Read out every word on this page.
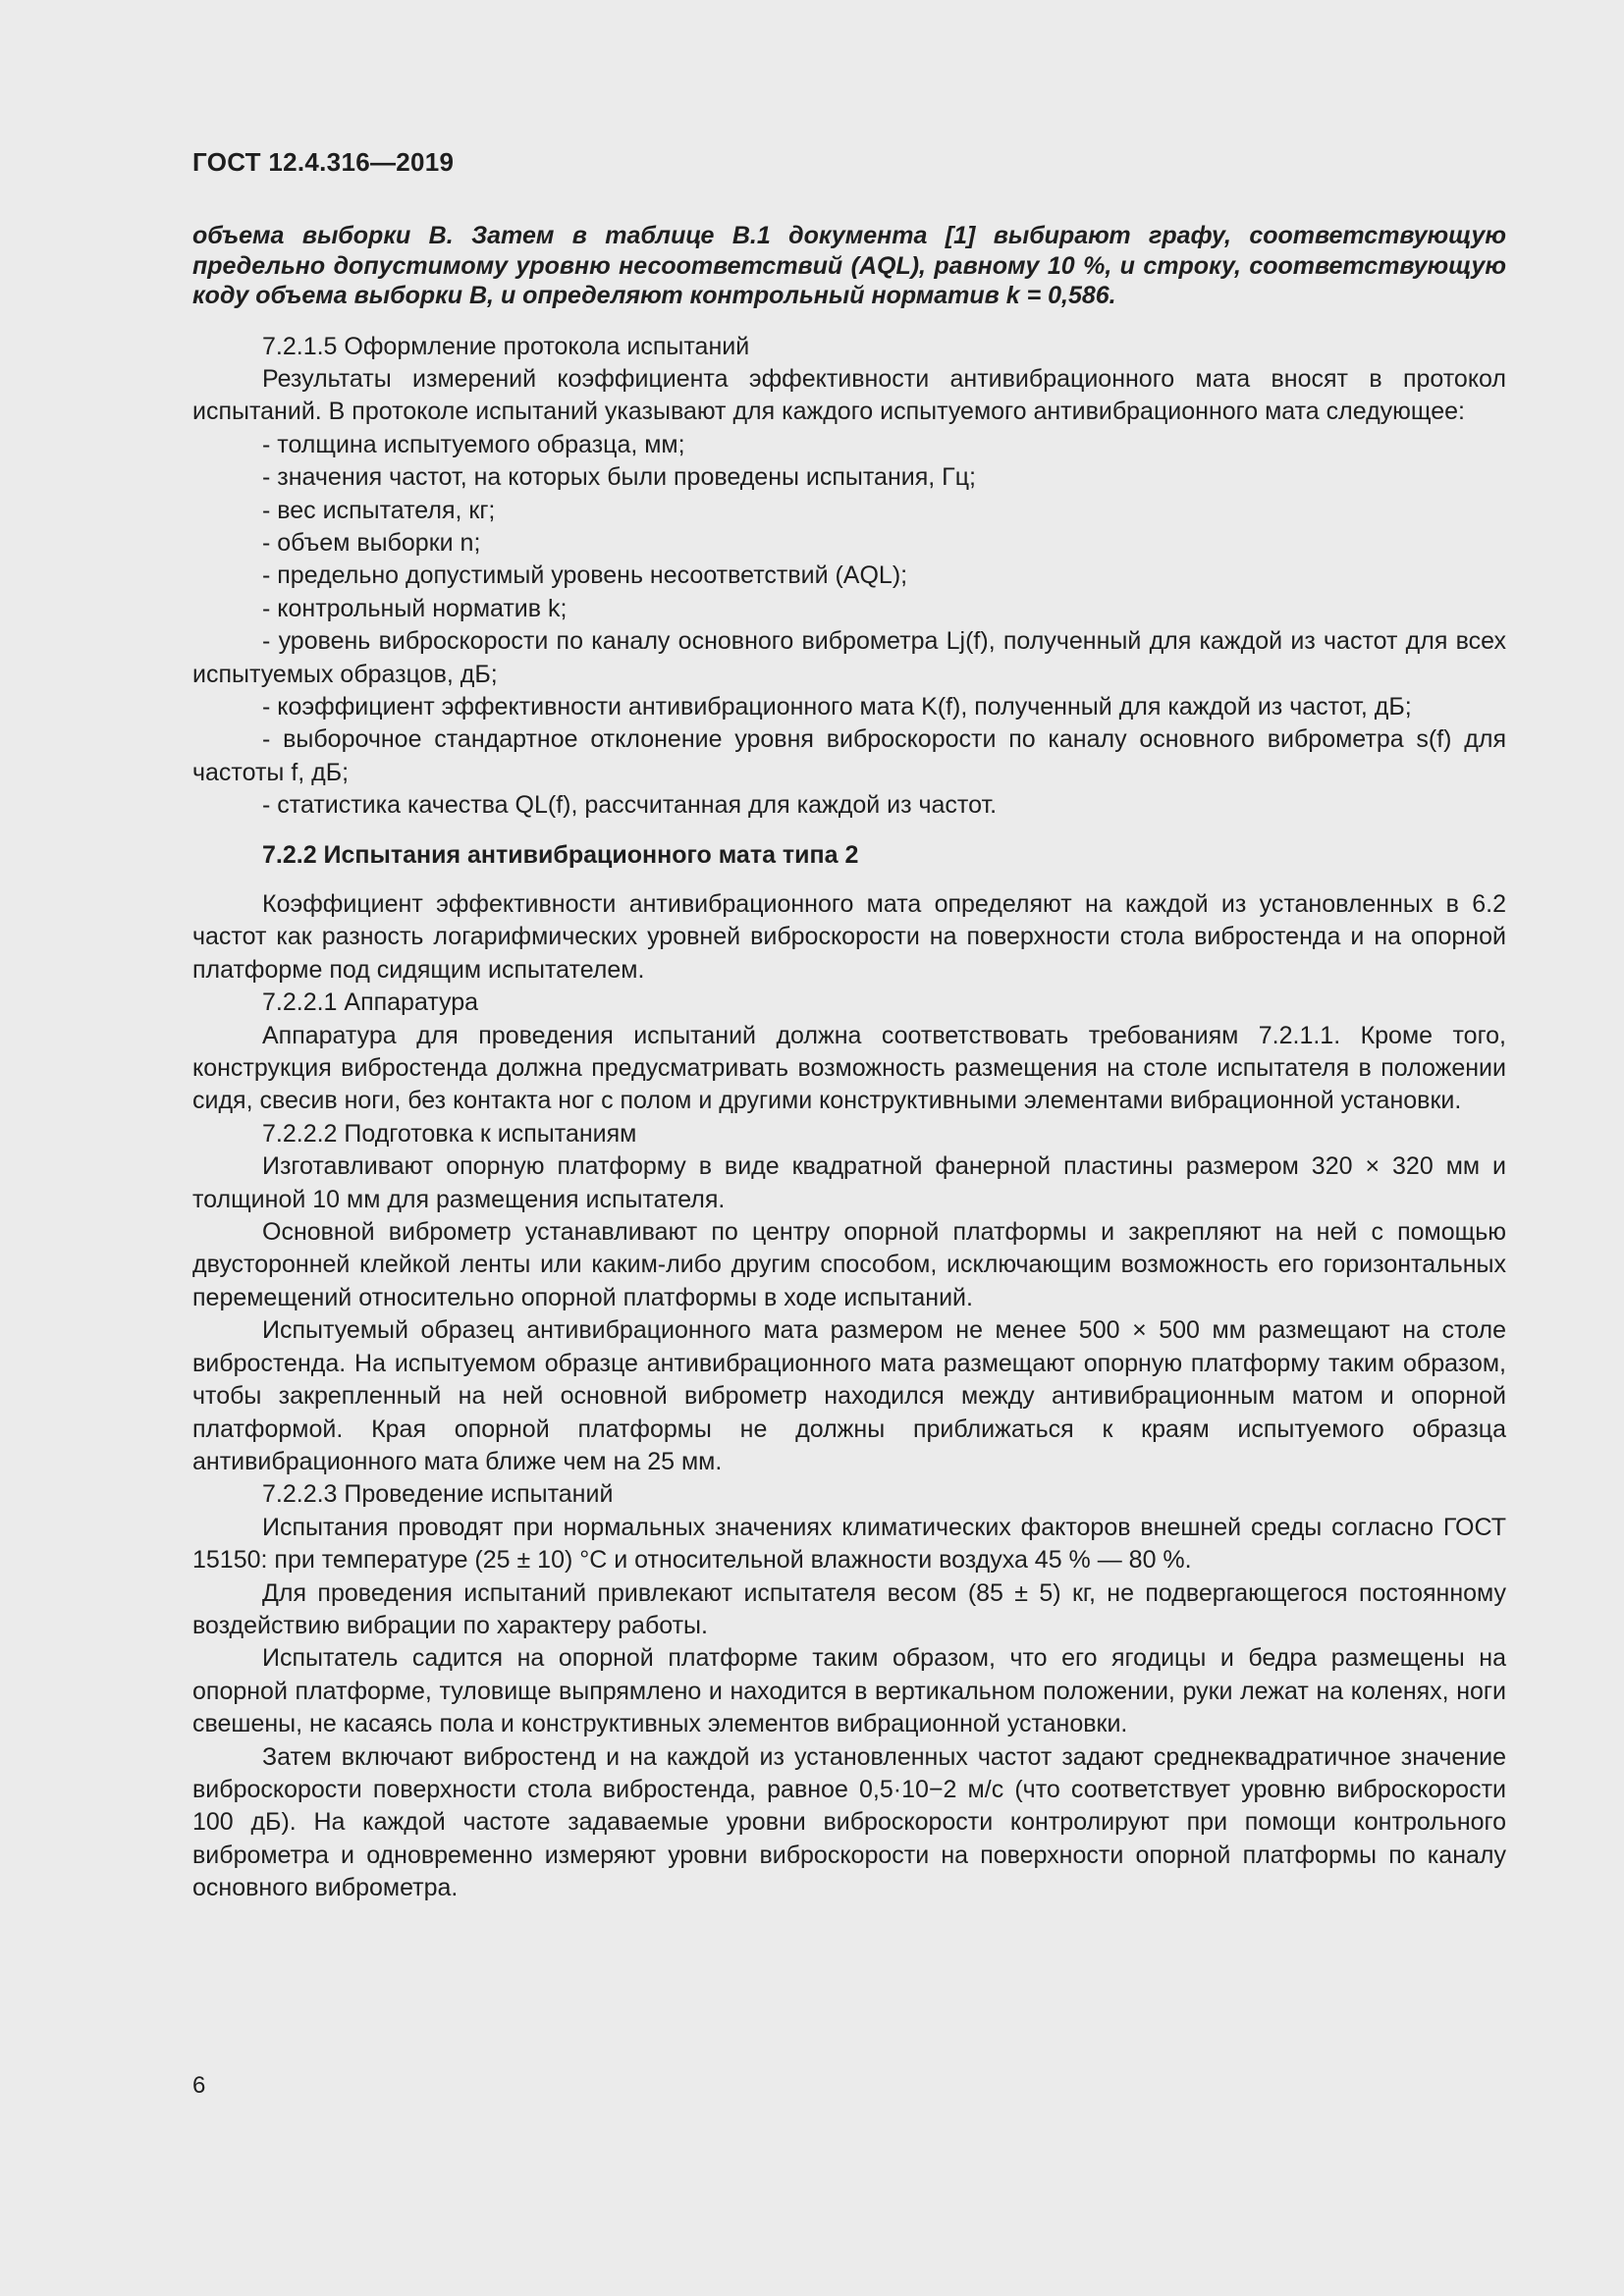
ГОСТ 12.4.316—2019

объема выборки B. Затем в таблице В.1 документа [1] выбирают графу, соответствующую предельно допустимому уровню несоответствий (AQL), равному 10 %, и строку, соответствующую коду объема выборки В, и определяют контрольный норматив k = 0,586.

7.2.1.5 Оформление протокола испытаний

Результаты измерений коэффициента эффективности антивибрационного мата вносят в протокол испытаний. В протоколе испытаний указывают для каждого испытуемого антивибрационного мата следующее:

- толщина испытуемого образца, мм;

- значения частот, на которых были проведены испытания, Гц;

- вес испытателя, кг;

- объем выборки n;

- предельно допустимый уровень несоответствий (AQL);

- контрольный норматив k;

- уровень виброскорости по каналу основного виброметра Lj(f), полученный для каждой из частот для всех испытуемых образцов, дБ;

- коэффициент эффективности антивибрационного мата K(f), полученный для каждой из частот, дБ;

- выборочное стандартное отклонение уровня виброскорости по каналу основного виброметра s(f) для частоты f, дБ;

- статистика качества QL(f), рассчитанная для каждой из частот.

7.2.2 Испытания антивибрационного мата типа 2

Коэффициент эффективности антивибрационного мата определяют на каждой из установленных в 6.2 частот как разность логарифмических уровней виброскорости на поверхности стола вибростенда и на опорной платформе под сидящим испытателем.

7.2.2.1 Аппаратура

Аппаратура для проведения испытаний должна соответствовать требованиям 7.2.1.1. Кроме того, конструкция вибростенда должна предусматривать возможность размещения на столе испытателя в положении сидя, свесив ноги, без контакта ног с полом и другими конструктивными элементами вибрационной установки.

7.2.2.2 Подготовка к испытаниям

Изготавливают опорную платформу в виде квадратной фанерной пластины размером 320 × 320 мм и толщиной 10 мм для размещения испытателя.

Основной виброметр устанавливают по центру опорной платформы и закрепляют на ней с помощью двусторонней клейкой ленты или каким-либо другим способом, исключающим возможность его горизонтальных перемещений относительно опорной платформы в ходе испытаний.

Испытуемый образец антивибрационного мата размером не менее 500 × 500 мм размещают на столе вибростенда. На испытуемом образце антивибрационного мата размещают опорную платформу таким образом, чтобы закрепленный на ней основной виброметр находился между антивибрационным матом и опорной платформой. Края опорной платформы не должны приближаться к краям испытуемого образца антивибрационного мата ближе чем на 25 мм.

7.2.2.3 Проведение испытаний

Испытания проводят при нормальных значениях климатических факторов внешней среды согласно ГОСТ 15150: при температуре (25 ± 10) °С и относительной влажности воздуха 45 % — 80 %.

Для проведения испытаний привлекают испытателя весом (85 ± 5) кг, не подвергающегося постоянному воздействию вибрации по характеру работы.

Испытатель садится на опорной платформе таким образом, что его ягодицы и бедра размещены на опорной платформе, туловище выпрямлено и находится в вертикальном положении, руки лежат на коленях, ноги свешены, не касаясь пола и конструктивных элементов вибрационной установки.

Затем включают вибростенд и на каждой из установленных частот задают среднеквадратичное значение виброскорости поверхности стола вибростенда, равное 0,5·10−2 м/с (что соответствует уровню виброскорости 100 дБ). На каждой частоте задаваемые уровни виброскорости контролируют при помощи контрольного виброметра и одновременно измеряют уровни виброскорости на поверхности опорной платформы по каналу основного виброметра.

6
